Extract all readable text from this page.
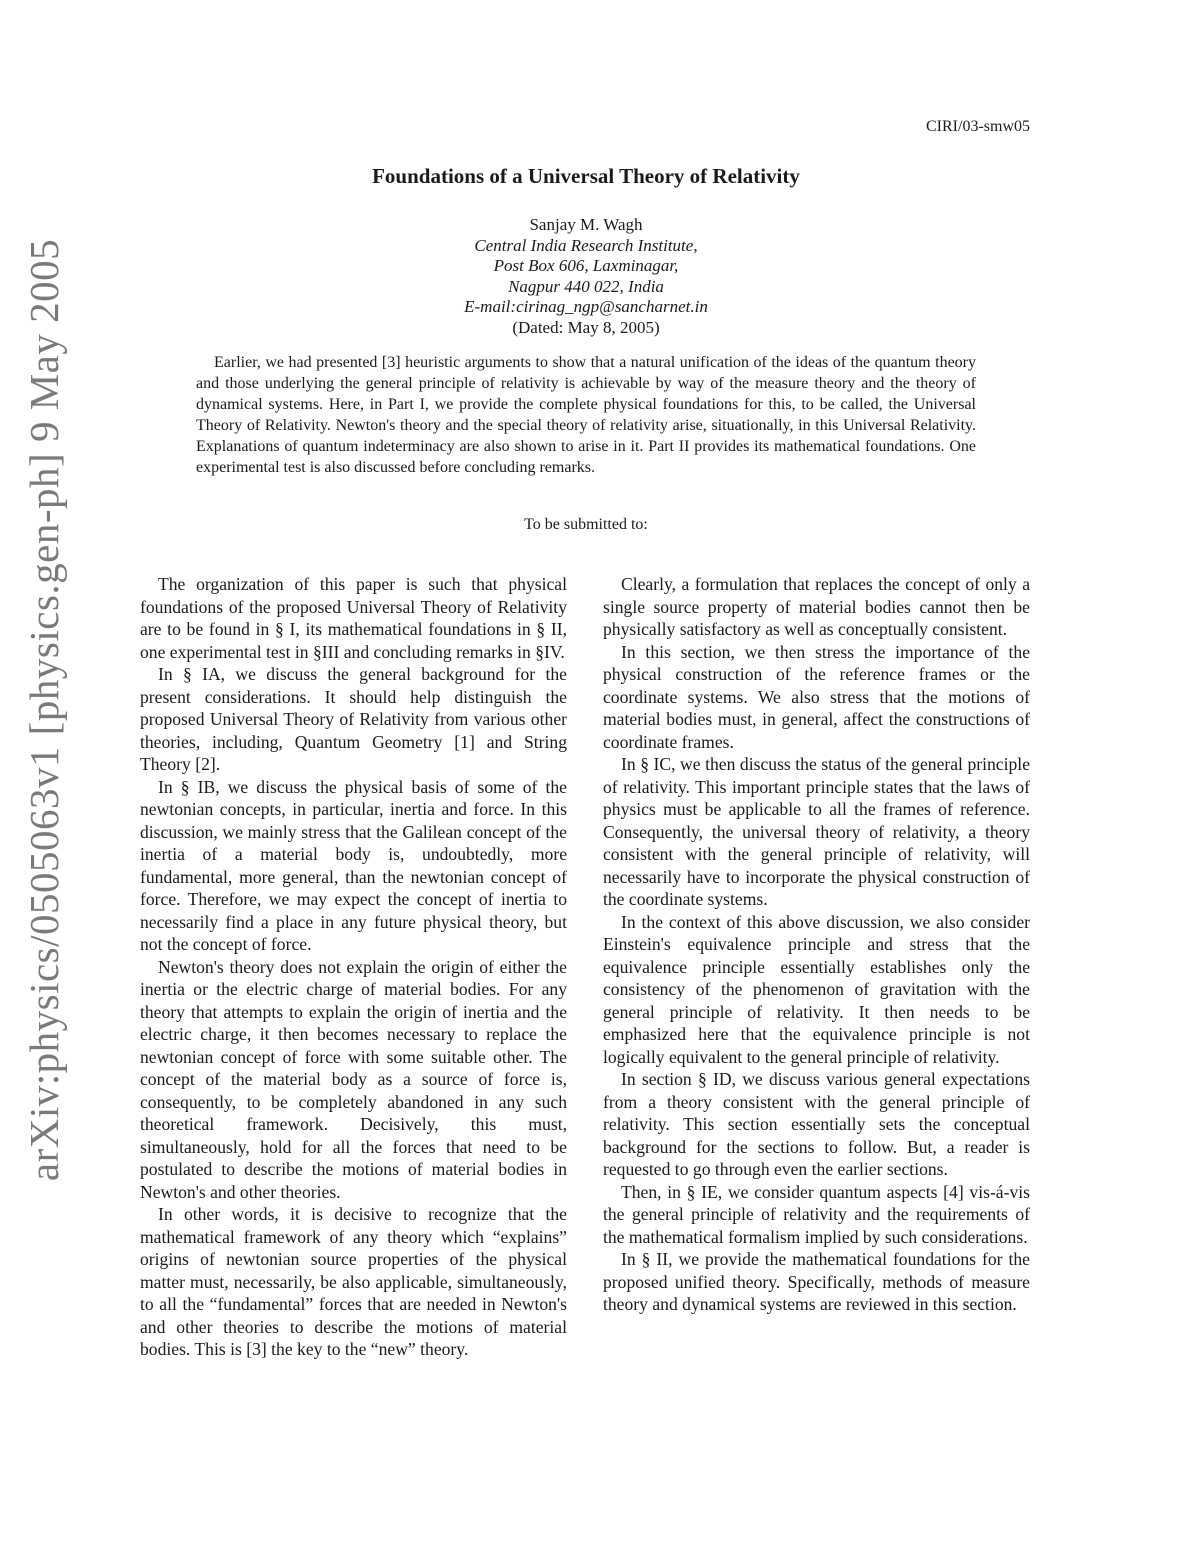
arXiv:physics/0505063v1 [physics.gen-ph] 9 May 2005
CIRI/03-smw05
Foundations of a Universal Theory of Relativity
Sanjay M. Wagh
Central India Research Institute,
Post Box 606, Laxminagar,
Nagpur 440 022, India
E-mail:cirinag_ngp@sancharnet.in
(Dated: May 8, 2005)
Earlier, we had presented [3] heuristic arguments to show that a natural unification of the ideas of the quantum theory and those underlying the general principle of relativity is achievable by way of the measure theory and the theory of dynamical systems. Here, in Part I, we provide the complete physical foundations for this, to be called, the Universal Theory of Relativity. Newton's theory and the special theory of relativity arise, situationally, in this Universal Relativity. Explanations of quantum indeterminacy are also shown to arise in it. Part II provides its mathematical foundations. One experimental test is also discussed before concluding remarks.
To be submitted to:

The organization of this paper is such that physical foundations of the proposed Universal Theory of Relativity are to be found in § I, its mathematical foundations in § II, one experimental test in §III and concluding remarks in §IV.

In § IA, we discuss the general background for the present considerations. It should help distinguish the proposed Universal Theory of Relativity from various other theories, including, Quantum Geometry [1] and String Theory [2].

In § IB, we discuss the physical basis of some of the newtonian concepts, in particular, inertia and force. In this discussion, we mainly stress that the Galilean concept of the inertia of a material body is, undoubtedly, more fundamental, more general, than the newtonian concept of force. Therefore, we may expect the concept of inertia to necessarily find a place in any future physical theory, but not the concept of force.

Newton's theory does not explain the origin of either the inertia or the electric charge of material bodies. For any theory that attempts to explain the origin of inertia and the electric charge, it then becomes necessary to replace the newtonian concept of force with some suitable other. The concept of the material body as a source of force is, consequently, to be completely abandoned in any such theoretical framework. Decisively, this must, simultaneously, hold for all the forces that need to be postulated to describe the motions of material bodies in Newton's and other theories.

In other words, it is decisive to recognize that the mathematical framework of any theory which “explains” origins of newtonian source properties of the physical matter must, necessarily, be also applicable, simultaneously, to all the “fundamental” forces that are needed in Newton's and other theories to describe the motions of material bodies. This is [3] the key to the “new” theory.

Clearly, a formulation that replaces the concept of only a single source property of material bodies cannot then be physically satisfactory as well as conceptually consistent.

In this section, we then stress the importance of the physical construction of the reference frames or the coordinate systems. We also stress that the motions of material bodies must, in general, affect the constructions of coordinate frames.

In § IC, we then discuss the status of the general principle of relativity. This important principle states that the laws of physics must be applicable to all the frames of reference. Consequently, the universal theory of relativity, a theory consistent with the general principle of relativity, will necessarily have to incorporate the physical construction of the coordinate systems.

In the context of this above discussion, we also consider Einstein's equivalence principle and stress that the equivalence principle essentially establishes only the consistency of the phenomenon of gravitation with the general principle of relativity. It then needs to be emphasized here that the equivalence principle is not logically equivalent to the general principle of relativity.

In section § ID, we discuss various general expectations from a theory consistent with the general principle of relativity. This section essentially sets the conceptual background for the sections to follow. But, a reader is requested to go through even the earlier sections.

Then, in § IE, we consider quantum aspects [4] vis-á-vis the general principle of relativity and the requirements of the mathematical formalism implied by such considerations.

In § II, we provide the mathematical foundations for the proposed unified theory. Specifically, methods of measure theory and dynamical systems are reviewed in this section.
